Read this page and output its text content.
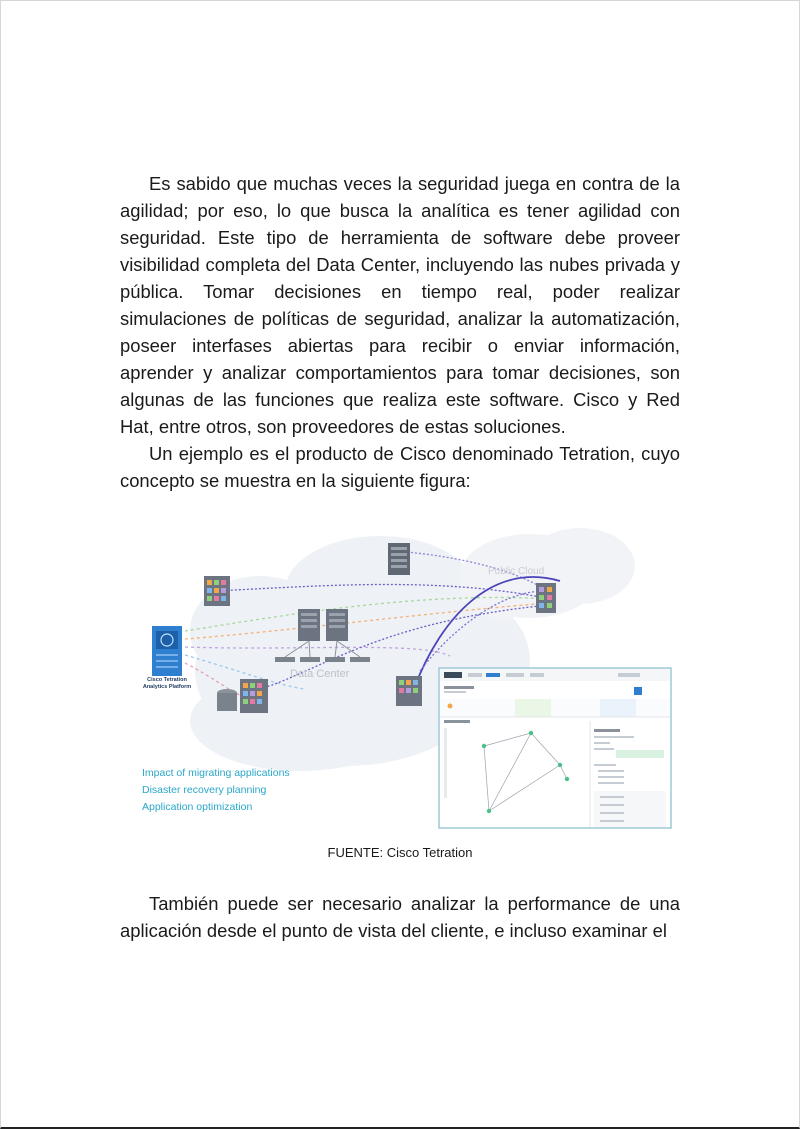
Es sabido que muchas veces la seguridad juega en contra de la agilidad; por eso, lo que busca la analítica es tener agilidad con seguridad. Este tipo de herramienta de software debe proveer visibilidad completa del Data Center, incluyendo las nubes privada y pública. Tomar decisiones en tiempo real, poder realizar simulaciones de políticas de seguridad, analizar la automatización, poseer interfases abiertas para recibir o enviar información, aprender y analizar comportamientos para tomar decisiones, son algunas de las funciones que realiza este software. Cisco y Red Hat, entre otros, son proveedores de estas soluciones.

Un ejemplo es el producto de Cisco denominado Tetration, cuyo concepto se muestra en la siguiente figura:

Cisco Tetration
Analytics Platform
Public Cloud
Data Center
Impact of migrating applications
Disaster recovery planning
Application optimization
FUENTE: Cisco Tetration

También puede ser necesario analizar la performance de una aplicación desde el punto de vista del cliente, e incluso examinar el
